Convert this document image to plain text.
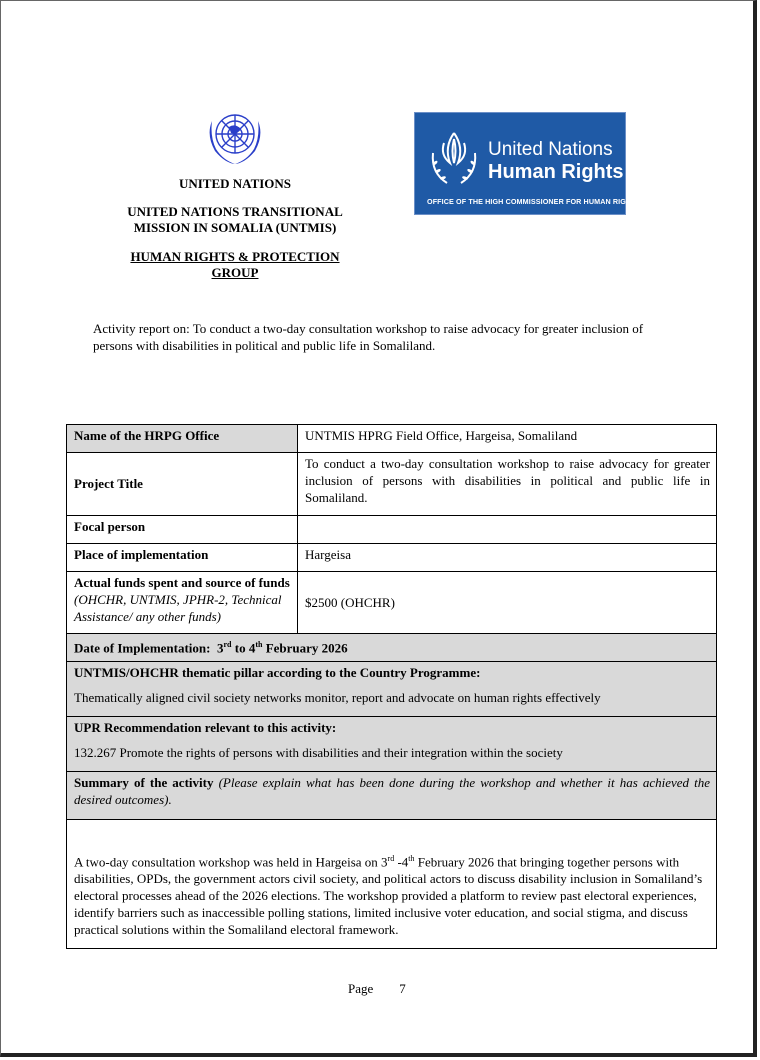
UNITED NATIONS
UNITED NATIONS TRANSITIONAL
MISSION IN SOMALIA (UNTMIS)
HUMAN RIGHTS & PROTECTION
GROUP
United Nations
Human Rights
OFFICE OF THE HIGH COMMISSIONER FOR HUMAN RIGHTS
Activity report on: To conduct a two-day consultation workshop to raise advocacy for greater inclusion of persons with disabilities in political and public life in Somaliland.
Name of the HRPG Office	UNTMIS HPRG Field Office, Hargeisa, Somaliland
Project Title	To conduct a two-day consultation workshop to raise advocacy for greater inclusion of persons with disabilities in political and public life in Somaliland.
Focal person	
Place of implementation	Hargeisa
Actual funds spent and source of funds (OHCHR, UNTMIS, JPHR-2, Technical Assistance/ any other funds)	$2500 (OHCHR)
Date of Implementation: 3rd to 4th February 2026	

UNTMIS/OHCHR thematic pillar according to the Country Programme:
Thematically aligned civil society networks monitor, report and advocate on human rights effectively	

UPR Recommendation relevant to this activity:
132.267 Promote the rights of persons with disabilities and their integration within the society	

Summary of the activity (Please explain what has been done during the workshop and whether it has achieved the desired outcomes).	
A two-day consultation workshop was held in Hargeisa on 3rd -4th February 2026 that bringing together persons with disabilities, OPDs, the government actors civil society, and political actors to discuss disability inclusion in Somaliland’s electoral processes ahead of the 2026 elections. The workshop provided a platform to review past electoral experiences, identify barriers such as inaccessible polling stations, limited inclusive voter education, and social stigma, and discuss practical solutions within the Somaliland electoral framework.	
Page 7
